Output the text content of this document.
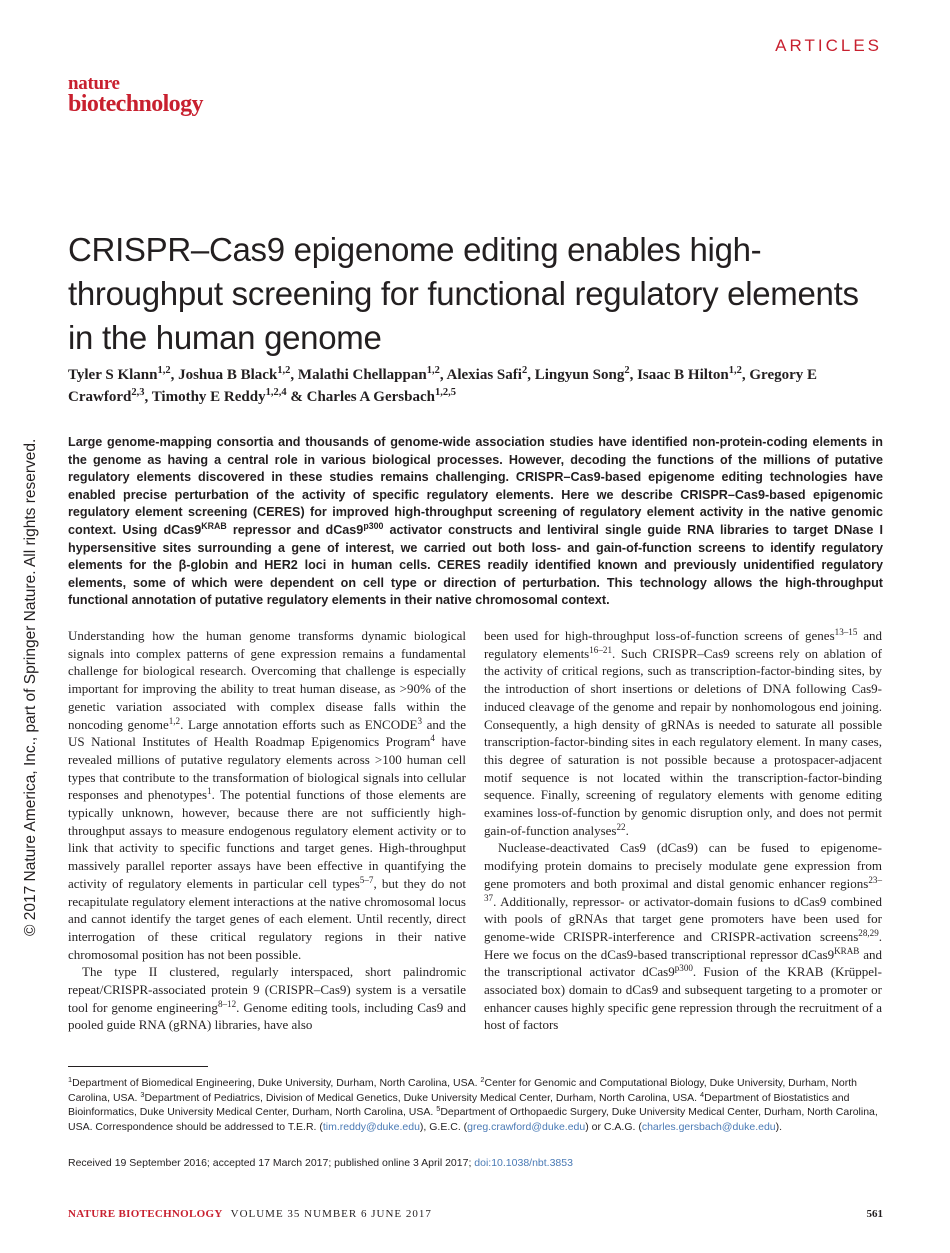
ARTICLES
nature
biotechnology
© 2017 Nature America, Inc., part of Springer Nature. All rights reserved.
CRISPR–Cas9 epigenome editing enables high-throughput screening for functional regulatory elements in the human genome
Tyler S Klann$^{1,2}$, Joshua B Black$^{1,2}$, Malathi Chellappan$^{1,2}$, Alexias Safi$^2$, Lingyun Song$^2$, Isaac B Hilton$^{1,2}$, Gregory E Crawford$^{2,3}$, Timothy E Reddy$^{1,2,4}$ & Charles A Gersbach$^{1,2,5}$
Large genome-mapping consortia and thousands of genome-wide association studies have identified non-protein-coding elements in the genome as having a central role in various biological processes. However, decoding the functions of the millions of putative regulatory elements discovered in these studies remains challenging. CRISPR–Cas9-based epigenome editing technologies have enabled precise perturbation of the activity of specific regulatory elements. Here we describe CRISPR–Cas9-based epigenomic regulatory element screening (CERES) for improved high-throughput screening of regulatory element activity in the native genomic context. Using $dCas9^{KRAB}$ repressor and $dCas9^{p300}$ activator constructs and lentiviral single guide RNA libraries to target DNase I hypersensitive sites surrounding a gene of interest, we carried out both loss- and gain-of-function screens to identify regulatory elements for the β-globin and HER2 loci in human cells. CERES readily identified known and previously unidentified regulatory elements, some of which were dependent on cell type or direction of perturbation. This technology allows the high-throughput functional annotation of putative regulatory elements in their native chromosomal context.

Understanding how the human genome transforms dynamic biological signals into complex patterns of gene expression remains a fundamental challenge for biological research. Overcoming that challenge is especially important for improving the ability to treat human disease, as >90% of the genetic variation associated with complex disease falls within the noncoding genome$^{1,2}$. Large annotation efforts such as ENCODE$^3$ and the US National Institutes of Health Roadmap Epigenomics Program$^4$ have revealed millions of putative regulatory elements across >100 human cell types that contribute to the transformation of biological signals into cellular responses and phenotypes$^1$. The potential functions of those elements are typically unknown, however, because there are not sufficiently high-throughput assays to measure endogenous regulatory element activity or to link that activity to specific functions and target genes. High-throughput massively parallel reporter assays have been effective in quantifying the activity of regulatory elements in particular cell types$^{5-7}$, but they do not recapitulate regulatory element interactions at the native chromosomal locus and cannot identify the target genes of each element. Until recently, direct interrogation of these critical regulatory regions in their native chromosomal position has not been possible.

The type II clustered, regularly interspaced, short palindromic repeat/CRISPR-associated protein 9 (CRISPR–Cas9) system is a versatile tool for genome engineering$^{8-12}$. Genome editing tools, including Cas9 and pooled guide RNA (gRNA) libraries, have also

been used for high-throughput loss-of-function screens of genes$^{13-15}$ and regulatory elements$^{16-21}$. Such CRISPR–Cas9 screens rely on ablation of the activity of critical regions, such as transcription-factor-binding sites, by the introduction of short insertions or deletions of DNA following Cas9-induced cleavage of the genome and repair by nonhomologous end joining. Consequently, a high density of gRNAs is needed to saturate all possible transcription-factor-binding sites in each regulatory element. In many cases, this degree of saturation is not possible because a protospacer-adjacent motif sequence is not located within the transcription-factor-binding sequence. Finally, screening of regulatory elements with genome editing examines loss-of-function by genomic disruption only, and does not permit gain-of-function analyses$^{22}$.

Nuclease-deactivated Cas9 (dCas9) can be fused to epigenome-modifying protein domains to precisely modulate gene expression from gene promoters and both proximal and distal genomic enhancer regions$^{23-37}$. Additionally, repressor- or activator-domain fusions to dCas9 combined with pools of gRNAs that target gene promoters have been used for genome-wide CRISPR-interference and CRISPR-activation screens$^{28,29}$. Here we focus on the dCas9-based transcriptional repressor $dCas9^{KRAB}$ and the transcriptional activator $dCas9^{p300}$. Fusion of the KRAB (Krüppel-associated box) domain to dCas9 and subsequent targeting to a promoter or enhancer causes highly specific gene repression through the recruitment of a host of factors

$^1$Department of Biomedical Engineering, Duke University, Durham, North Carolina, USA. $^2$Center for Genomic and Computational Biology, Duke University, Durham, North Carolina, USA. $^3$Department of Pediatrics, Division of Medical Genetics, Duke University Medical Center, Durham, North Carolina, USA. $^4$Department of Biostatistics and Bioinformatics, Duke University Medical Center, Durham, North Carolina, USA. $^5$Department of Orthopaedic Surgery, Duke University Medical Center, Durham, North Carolina, USA. Correspondence should be addressed to T.E.R. (tim.reddy@duke.edu), G.E.C. (greg.crawford@duke.edu) or C.A.G. (charles.gersbach@duke.edu).
Received 19 September 2016; accepted 17 March 2017; published online 3 April 2017; doi:10.1038/nbt.3853
NATURE BIOTECHNOLOGY VOLUME 35 NUMBER 6 JUNE 2017	561
